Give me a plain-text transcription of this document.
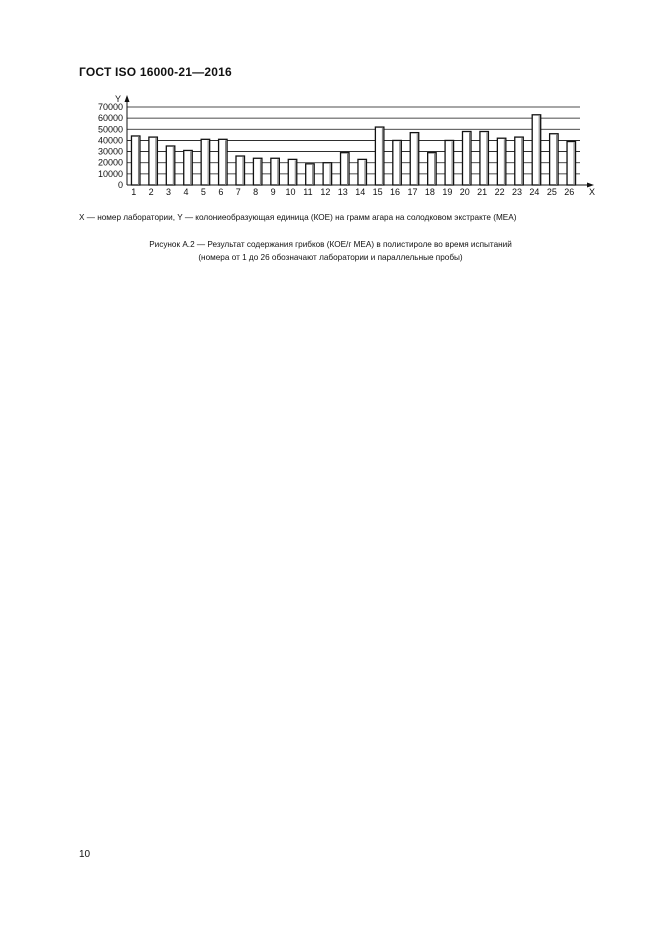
ГОСТ ISO 16000-21—2016
0
10000
20000
30000
40000
50000
60000
70000
Y
X
1 2 3 4 5 6 7 8 9 10 11 12 13 14 15 16 17 18 19 20 21 22 23 24 25 26
X — номер лаборатории, Y — колониеобразующая единица (КОЕ) на грамм агара на солодковом экстракте (МЕА)
Рисунок А.2 — Результат содержания грибков (КОЕ/г МЕА) в полистироле во время испытаний
(номера от 1 до 26 обозначают лаборатории и параллельные пробы)
10
